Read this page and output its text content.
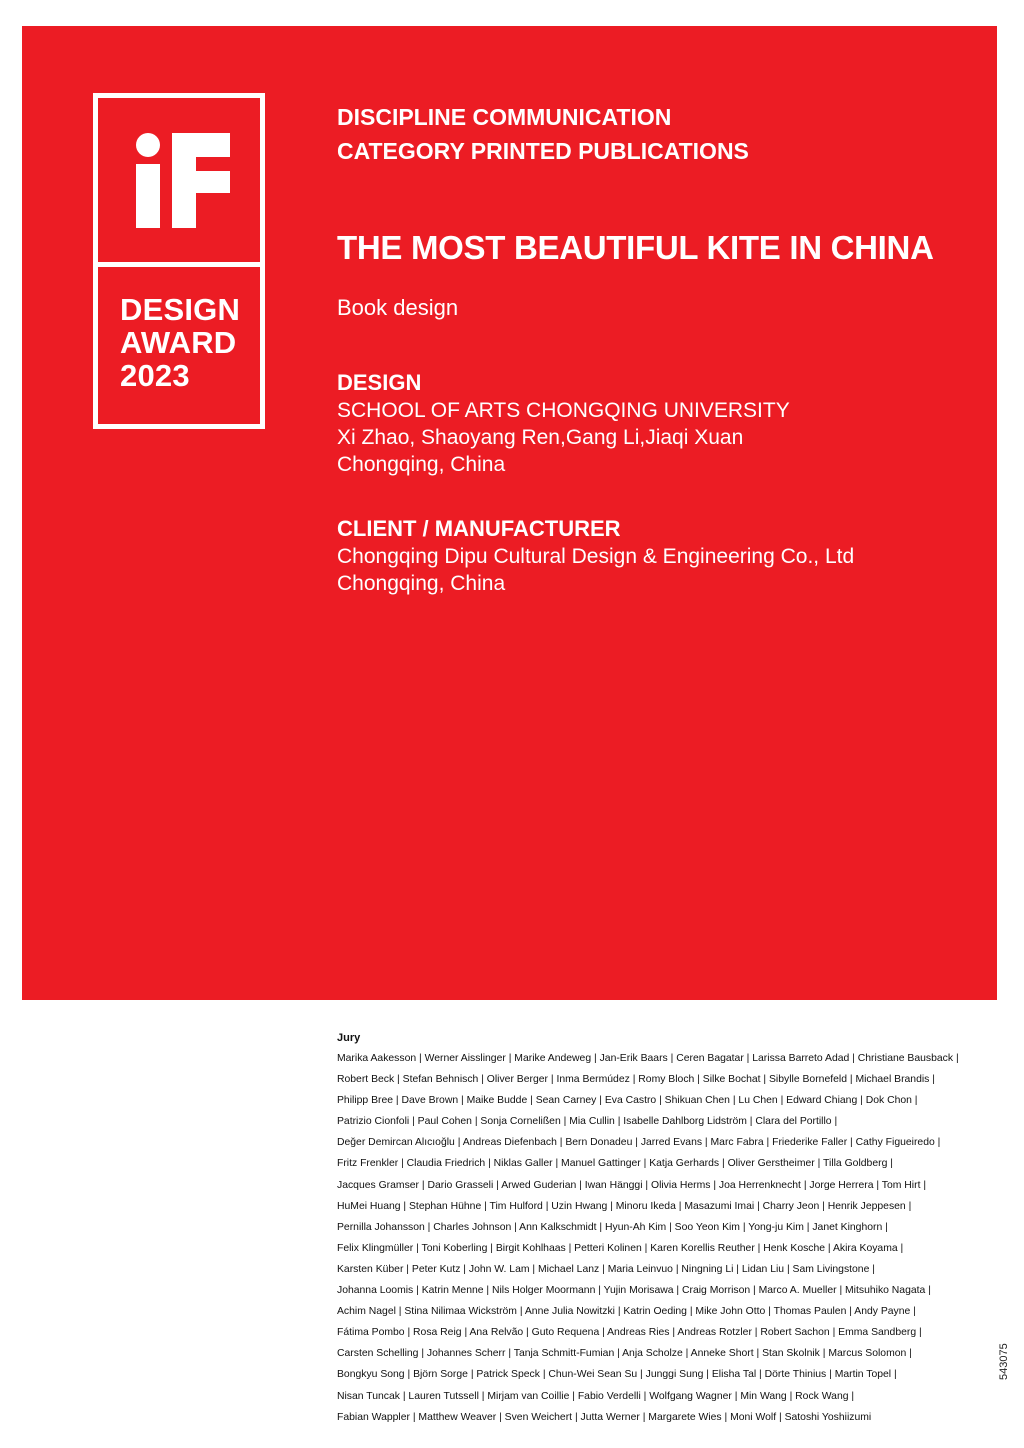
DESIGN
AWARD
2023
DISCIPLINE COMMUNICATION
CATEGORY PRINTED PUBLICATIONS
THE MOST BEAUTIFUL KITE IN CHINA
Book design
DESIGN
SCHOOL OF ARTS CHONGQING UNIVERSITY
Xi Zhao, Shaoyang Ren,Gang Li,Jiaqi Xuan
Chongqing, China
CLIENT / MANUFACTURER
Chongqing Dipu Cultural Design & Engineering Co., Ltd
Chongqing, China
Jury
Marika Aakesson | Werner Aisslinger | Marike Andeweg | Jan-Erik Baars | Ceren Bagatar | Larissa Barreto Adad | Christiane Bausback |
Robert Beck | Stefan Behnisch | Oliver Berger | Inma Bermúdez | Romy Bloch | Silke Bochat | Sibylle Bornefeld | Michael Brandis |
Philipp Bree | Dave Brown | Maike Budde | Sean Carney | Eva Castro | Shikuan Chen | Lu Chen | Edward Chiang | Dok Chon |
Patrizio Cionfoli | Paul Cohen | Sonja Cornelißen | Mia Cullin | Isabelle Dahlborg Lidström | Clara del Portillo |
Değer Demircan Alıcıoğlu | Andreas Diefenbach | Bern Donadeu | Jarred Evans | Marc Fabra | Friederike Faller | Cathy Figueiredo |
Fritz Frenkler | Claudia Friedrich | Niklas Galler | Manuel Gattinger | Katja Gerhards | Oliver Gerstheimer | Tilla Goldberg |
Jacques Gramser | Dario Grasseli | Arwed Guderian | Iwan Hänggi | Olivia Herms | Joa Herrenknecht | Jorge Herrera | Tom Hirt |
HuMei Huang | Stephan Hühne | Tim Hulford | Uzin Hwang | Minoru Ikeda | Masazumi Imai | Charry Jeon | Henrik Jeppesen |
Pernilla Johansson | Charles Johnson | Ann Kalkschmidt | Hyun-Ah Kim | Soo Yeon Kim | Yong-ju Kim | Janet Kinghorn |
Felix Klingmüller | Toni Koberling | Birgit Kohlhaas | Petteri Kolinen | Karen Korellis Reuther | Henk Kosche | Akira Koyama |
Karsten Küber | Peter Kutz | John W. Lam | Michael Lanz | Maria Leinvuo | Ningning Li | Lidan Liu | Sam Livingstone |
Johanna Loomis | Katrin Menne | Nils Holger Moormann | Yujin Morisawa | Craig Morrison | Marco A. Mueller | Mitsuhiko Nagata |
Achim Nagel | Stina Nilimaa Wickström | Anne Julia Nowitzki | Katrin Oeding | Mike John Otto | Thomas Paulen | Andy Payne |
Fátima Pombo | Rosa Reig | Ana Relvão | Guto Requena | Andreas Ries | Andreas Rotzler | Robert Sachon | Emma Sandberg |
Carsten Schelling | Johannes Scherr | Tanja Schmitt-Fumian | Anja Scholze | Anneke Short | Stan Skolnik | Marcus Solomon |
Bongkyu Song | Björn Sorge | Patrick Speck | Chun-Wei Sean Su | Junggi Sung | Elisha Tal | Dörte Thinius | Martin Topel |
Nisan Tuncak | Lauren Tutssell | Mirjam van Coillie | Fabio Verdelli | Wolfgang Wagner | Min Wang | Rock Wang |
Fabian Wappler | Matthew Weaver | Sven Weichert | Jutta Werner | Margarete Wies | Moni Wolf | Satoshi Yoshiizumi
543075
